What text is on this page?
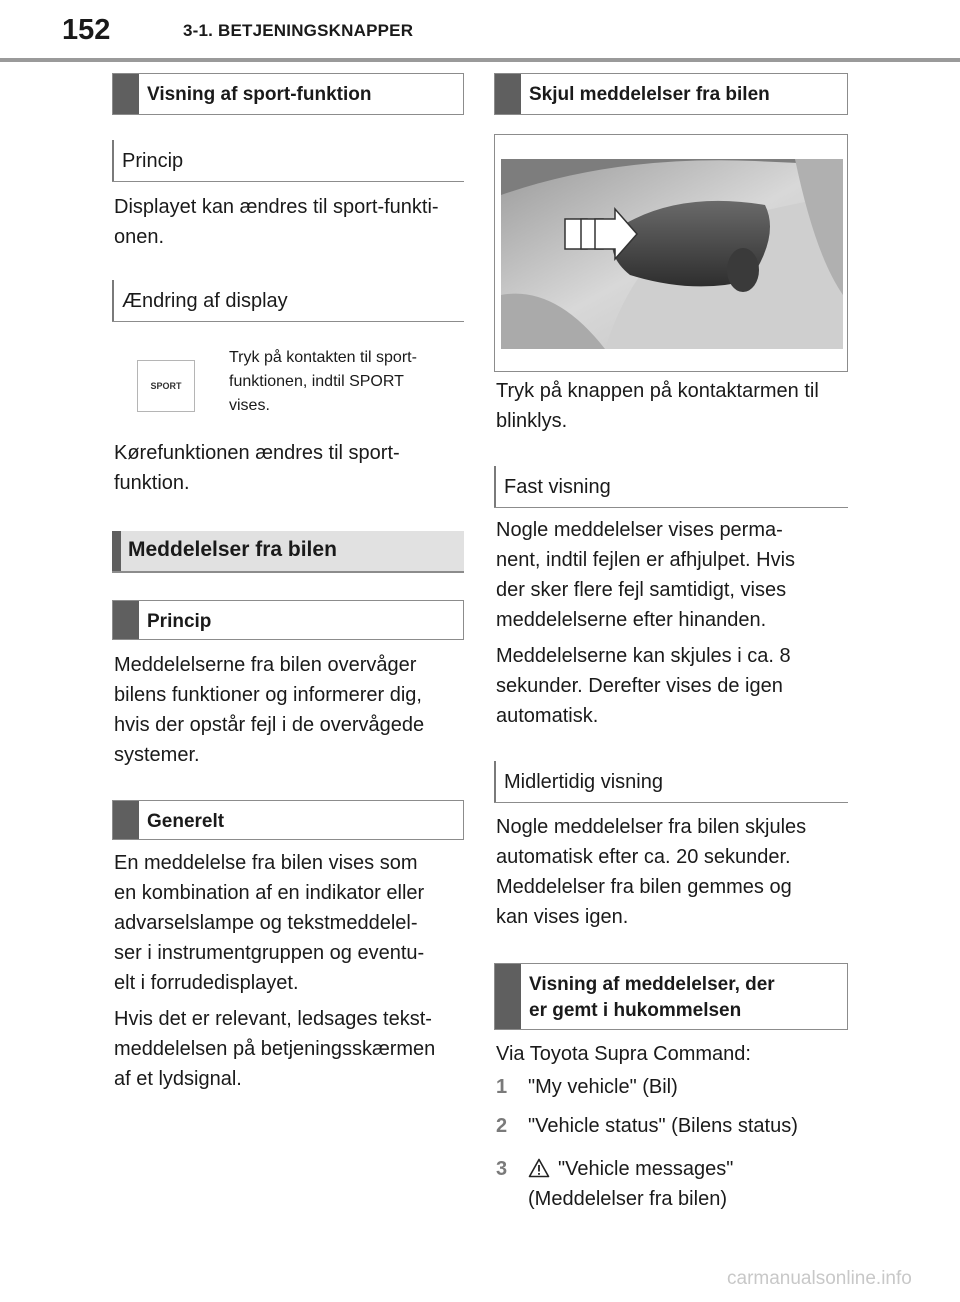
152	3-1. BETJENINGSKNAPPER
Visning af sport-funktion
Princip
Displayet kan ændres til sport-funkti-
onen.
Ændring af display
SPORT
Tryk på kontakten til sport-
funktionen, indtil SPORT
vises.
Kørefunktionen ændres til sport-
funktion.
Meddelelser fra bilen
Princip
Meddelelserne fra bilen overvåger
bilens funktioner og informerer dig,
hvis der opstår fejl i de overvågede
systemer.
Generelt
En meddelelse fra bilen vises som
en kombination af en indikator eller
advarselslampe og tekstmeddelel-
ser i instrumentgruppen og eventu-
elt i forrudedisplayet.
Hvis det er relevant, ledsages tekst-
meddelelsen på betjeningsskærmen
af et lydsignal.
Skjul meddelelser fra bilen
Tryk på knappen på kontaktarmen til
blinklys.
Fast visning
Nogle meddelelser vises perma-
nent, indtil fejlen er afhjulpet. Hvis
der sker flere fejl samtidigt, vises
meddelelserne efter hinanden.
Meddelelserne kan skjules i ca. 8
sekunder. Derefter vises de igen
automatisk.
Midlertidig visning
Nogle meddelelser fra bilen skjules
automatisk efter ca. 20 sekunder.
Meddelelser fra bilen gemmes og
kan vises igen.
Visning af meddelelser, der
er gemt i hukommelsen
Via Toyota Supra Command:
1 "My vehicle" (Bil)
2 "Vehicle status" (Bilens status)
3	"Vehicle messages"
(Meddelelser fra bilen)
carmanualsonline.info
